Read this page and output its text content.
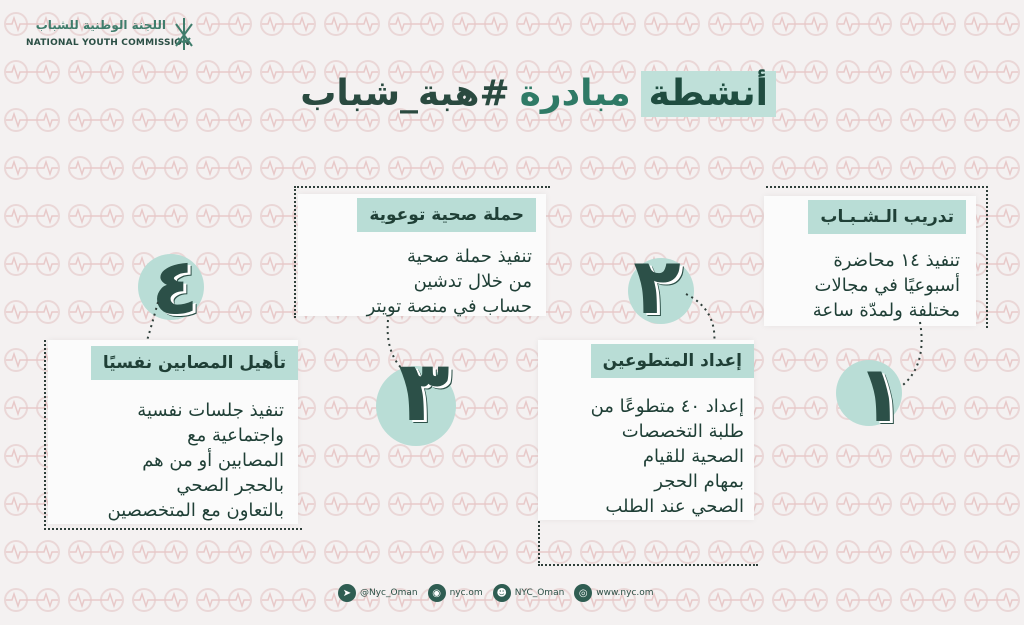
اللجنة الوطنية للشباب
NATIONAL YOUTH COMMISSION
أنشطة
مبادرة
#هبة_شباب
تدريب الـشـبـاب
تنفيذ ١٤ محاضرة
أسبوعيًا في مجالات
مختلفة ولمدّة ساعة
١
٢
إعداد المتطوعين
إعداد ٤٠ متطوعًا من
طلبة التخصصات
الصحية للقيام
بمهام الحجر
الصحي عند الطلب
حملة صحية توعوية
تنفيذ حملة صحية
من خلال تدشين
حساب في منصة تويتر
٣
٤
تأهيل المصابين نفسيًا
تنفيذ جلسات نفسية
واجتماعية مع
المصابين أو من هم
بالحجر الصحي
بالتعاون مع المتخصصين
➤ @Nyc_Oman	◉ nyc.om	☻ NYC_Oman	◎ www.nyc.om
